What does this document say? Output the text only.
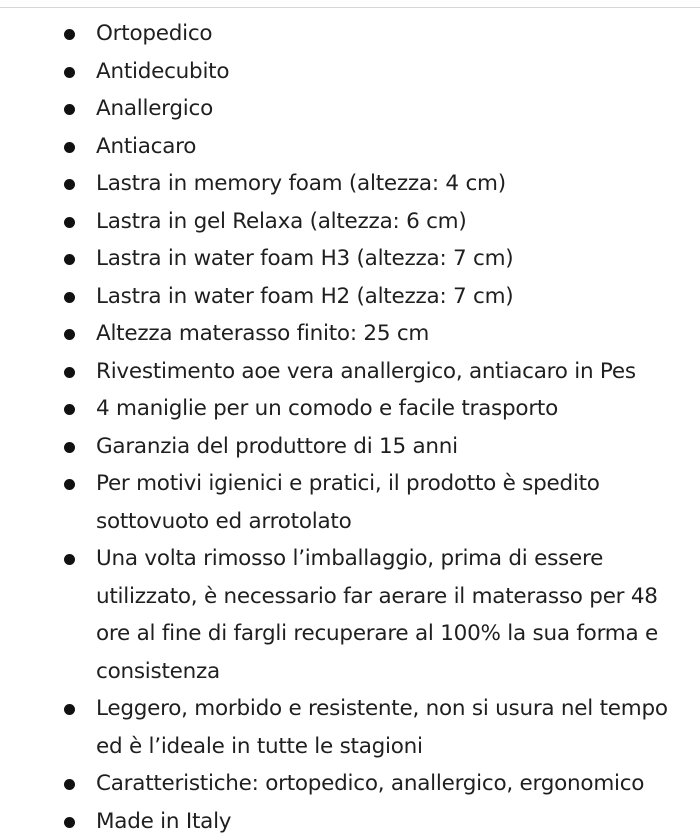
Ortopedico
Antidecubito
Anallergico
Antiacaro
Lastra in memory foam (altezza: 4 cm)
Lastra in gel Relaxa (altezza: 6 cm)
Lastra in water foam H3 (altezza: 7 cm)
Lastra in water foam H2 (altezza: 7 cm)
Altezza materasso finito: 25 cm
Rivestimento aoe vera anallergico, antiacaro in Pes
4 maniglie per un comodo e facile trasporto
Garanzia del produttore di 15 anni
Per motivi igienici e pratici, il prodotto è spedito sottovuoto ed arrotolato
Una volta rimosso l’imballaggio, prima di essere utilizzato, è necessario far aerare il materasso per 48 ore al fine di fargli recuperare al 100% la sua forma e consistenza
Leggero, morbido e resistente, non si usura nel tempo ed è l’ideale in tutte le stagioni
Caratteristiche: ortopedico, anallergico, ergonomico
Made in Italy
